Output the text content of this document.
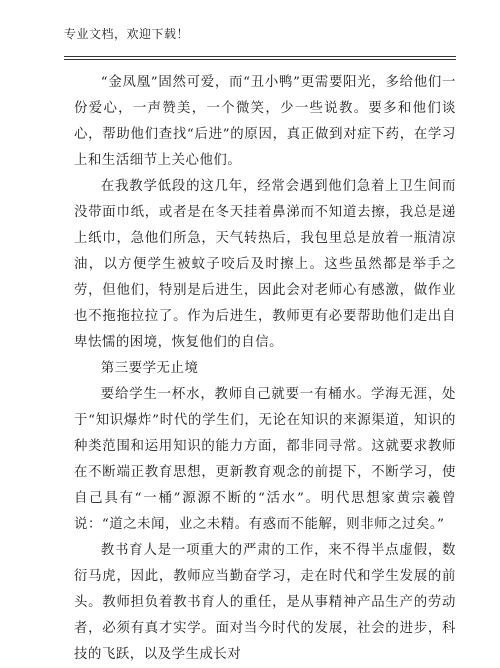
专业文档，欢迎下载！

“金凤凰”固然可爱，而“丑小鸭”更需要阳光，多给他们一份爱心，一声赞美，一个微笑，少一些说教。要多和他们谈心，帮助他们查找“后进”的原因，真正做到对症下药，在学习上和生活细节上关心他们。

在我教学低段的这几年，经常会遇到他们急着上卫生间而没带面巾纸，或者是在冬天挂着鼻涕而不知道去擦，我总是递上纸巾，急他们所急，天气转热后，我包里总是放着一瓶清凉油，以方便学生被蚊子咬后及时擦上。这些虽然都是举手之劳，但他们，特别是后进生，因此会对老师心有感激，做作业也不拖拖拉拉了。作为后进生，教师更有必要帮助他们走出自卑怯懦的困境，恢复他们的自信。

第三要学无止境

要给学生一杯水，教师自己就要一有桶水。学海无涯，处于“知识爆炸”时代的学生们，无论在知识的来源渠道，知识的种类范围和运用知识的能力方面，都非同寻常。这就要求教师在不断端正教育思想，更新教育观念的前提下，不断学习，使自己具有“一桶”源源不断的“活水”。明代思想家黄宗羲曾说：“道之未闻，业之未精。有惑而不能解，则非师之过矣。”

教书育人是一项重大的严肃的工作，来不得半点虚假，数衍马虎，因此，教师应当勤奋学习，走在时代和学生发展的前头。教师担负着教书育人的重任，是从事精神产品生产的劳动者，必须有真才实学。面对当今时代的发展，社会的进步，科技的飞跃，以及学生成长对
